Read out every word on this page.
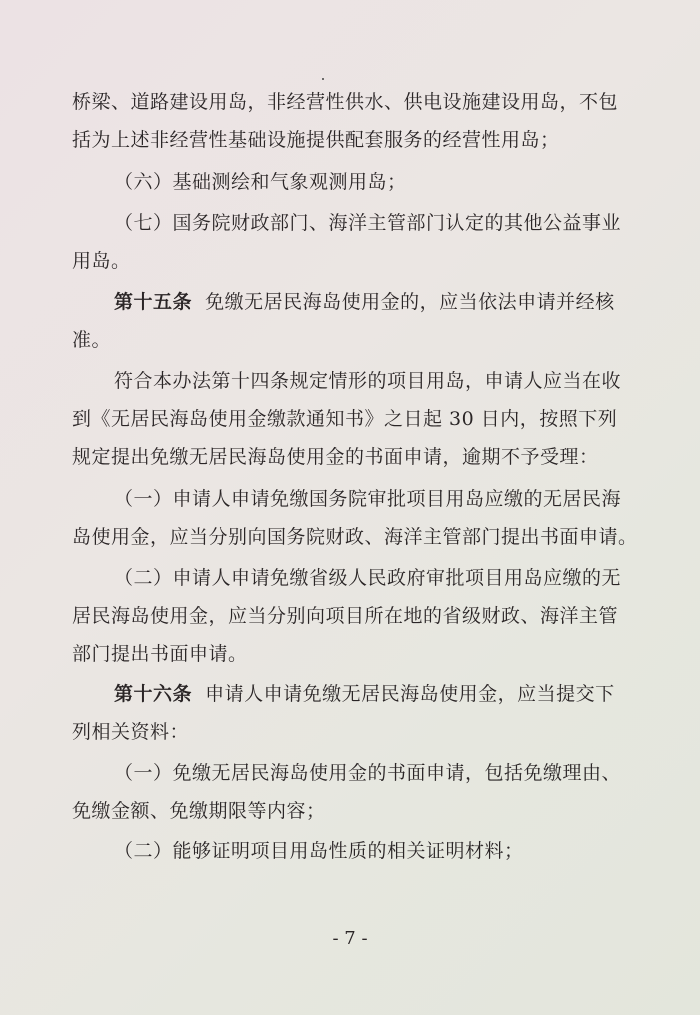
桥梁、道路建设用岛，非经营性供水、供电设施建设用岛，不包
括为上述非经营性基础设施提供配套服务的经营性用岛；

（六）基础测绘和气象观测用岛；

（七）国务院财政部门、海洋主管部门认定的其他公益事业
用岛。

第十五条 免缴无居民海岛使用金的，应当依法申请并经核
准。

符合本办法第十四条规定情形的项目用岛，申请人应当在收
到《无居民海岛使用金缴款通知书》之日起 30 日内，按照下列
规定提出免缴无居民海岛使用金的书面申请，逾期不予受理：

（一）申请人申请免缴国务院审批项目用岛应缴的无居民海
岛使用金，应当分别向国务院财政、海洋主管部门提出书面申请。

（二）申请人申请免缴省级人民政府审批项目用岛应缴的无
居民海岛使用金，应当分别向项目所在地的省级财政、海洋主管
部门提出书面申请。

第十六条 申请人申请免缴无居民海岛使用金，应当提交下
列相关资料：

（一）免缴无居民海岛使用金的书面申请，包括免缴理由、
免缴金额、免缴期限等内容；

（二）能够证明项目用岛性质的相关证明材料；

- 7 -
